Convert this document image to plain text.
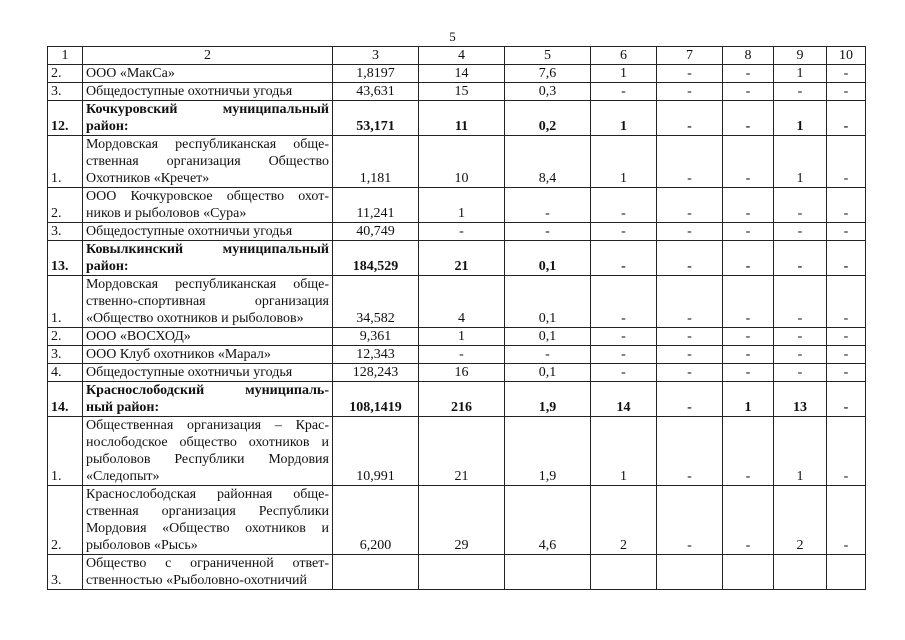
5
1	2	3	4	5	6	7	8	9	10
2.	ООО «МакСа»	1,8197	14	7,6	1	-	-	1	-
3.	Общедоступные охотничьи угодья	43,631	15	0,3	-	-	-	-	-
12.	Кочкуровский муниципальный
район:	53,171	11	0,2	1	-	-	1	-
1.	Мордовская республиканская обще-
ственная организация Общество
Охотников «Кречет»	1,181	10	8,4	1	-	-	1	-
2.	ООО Кочкуровское общество охот-
ников и рыболовов «Сура»	11,241	1	-	-	-	-	-	-
3.	Общедоступные охотничьи угодья	40,749	-	-	-	-	-	-	-
13.	Ковылкинский муниципальный
район:	184,529	21	0,1	-	-	-	-	-
1.	Мордовская республиканская обще-
ственно-спортивная организация
«Общество охотников и рыболовов»	34,582	4	0,1	-	-	-	-	-
2.	ООО «ВОСХОД»	9,361	1	0,1	-	-	-	-	-
3.	ООО Клуб охотников «Марал»	12,343	-	-	-	-	-	-	-
4.	Общедоступные охотничьи угодья	128,243	16	0,1	-	-	-	-	-
14.	Краснослободский муниципаль-
ный район:	108,1419	216	1,9	14	-	1	13	-
1.	Общественная организация – Крас-
нослободское общество охотников и
рыболовов Республики Мордовия
«Следопыт»	10,991	21	1,9	1	-	-	1	-
2.	Краснослободская районная обще-
ственная организация Республики
Мордовия «Общество охотников и
рыболовов «Рысь»	6,200	29	4,6	2	-	-	2	-
3.	Общество с ограниченной ответ-
ственностью «Рыболовно-охотничий								
